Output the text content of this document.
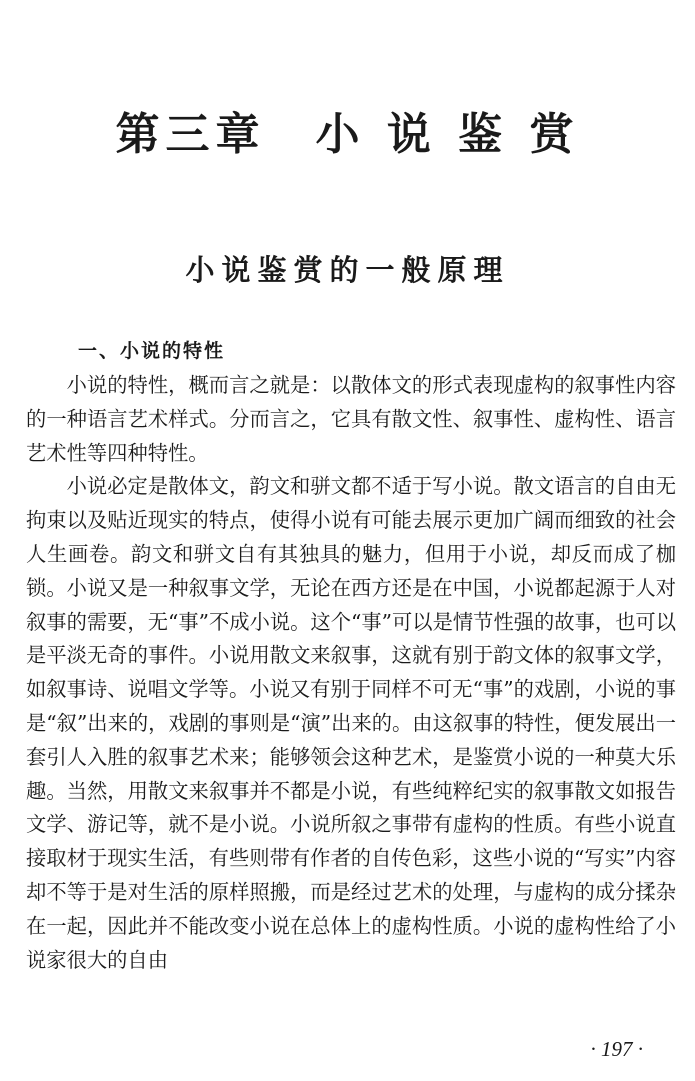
第三章　小 说 鉴 赏
小说鉴赏的一般原理
一、小说的特性

小说的特性，概而言之就是：以散体文的形式表现虚构的叙事性内容的一种语言艺术样式。分而言之，它具有散文性、叙事性、虚构性、语言艺术性等四种特性。

小说必定是散体文，韵文和骈文都不适于写小说。散文语言的自由无拘束以及贴近现实的特点，使得小说有可能去展示更加广阔而细致的社会人生画卷。韵文和骈文自有其独具的魅力，但用于小说，却反而成了枷锁。小说又是一种叙事文学，无论在西方还是在中国，小说都起源于人对叙事的需要，无“事”不成小说。这个“事”可以是情节性强的故事，也可以是平淡无奇的事件。小说用散文来叙事，这就有别于韵文体的叙事文学，如叙事诗、说唱文学等。小说又有别于同样不可无“事”的戏剧，小说的事是“叙”出来的，戏剧的事则是“演”出来的。由这叙事的特性，便发展出一套引人入胜的叙事艺术来；能够领会这种艺术，是鉴赏小说的一种莫大乐趣。当然，用散文来叙事并不都是小说，有些纯粹纪实的叙事散文如报告文学、游记等，就不是小说。小说所叙之事带有虚构的性质。有些小说直接取材于现实生活，有些则带有作者的自传色彩，这些小说的“写实”内容却不等于是对生活的原样照搬，而是经过艺术的处理，与虚构的成分揉杂在一起，因此并不能改变小说在总体上的虚构性质。小说的虚构性给了小说家很大的自由

· 197 ·
